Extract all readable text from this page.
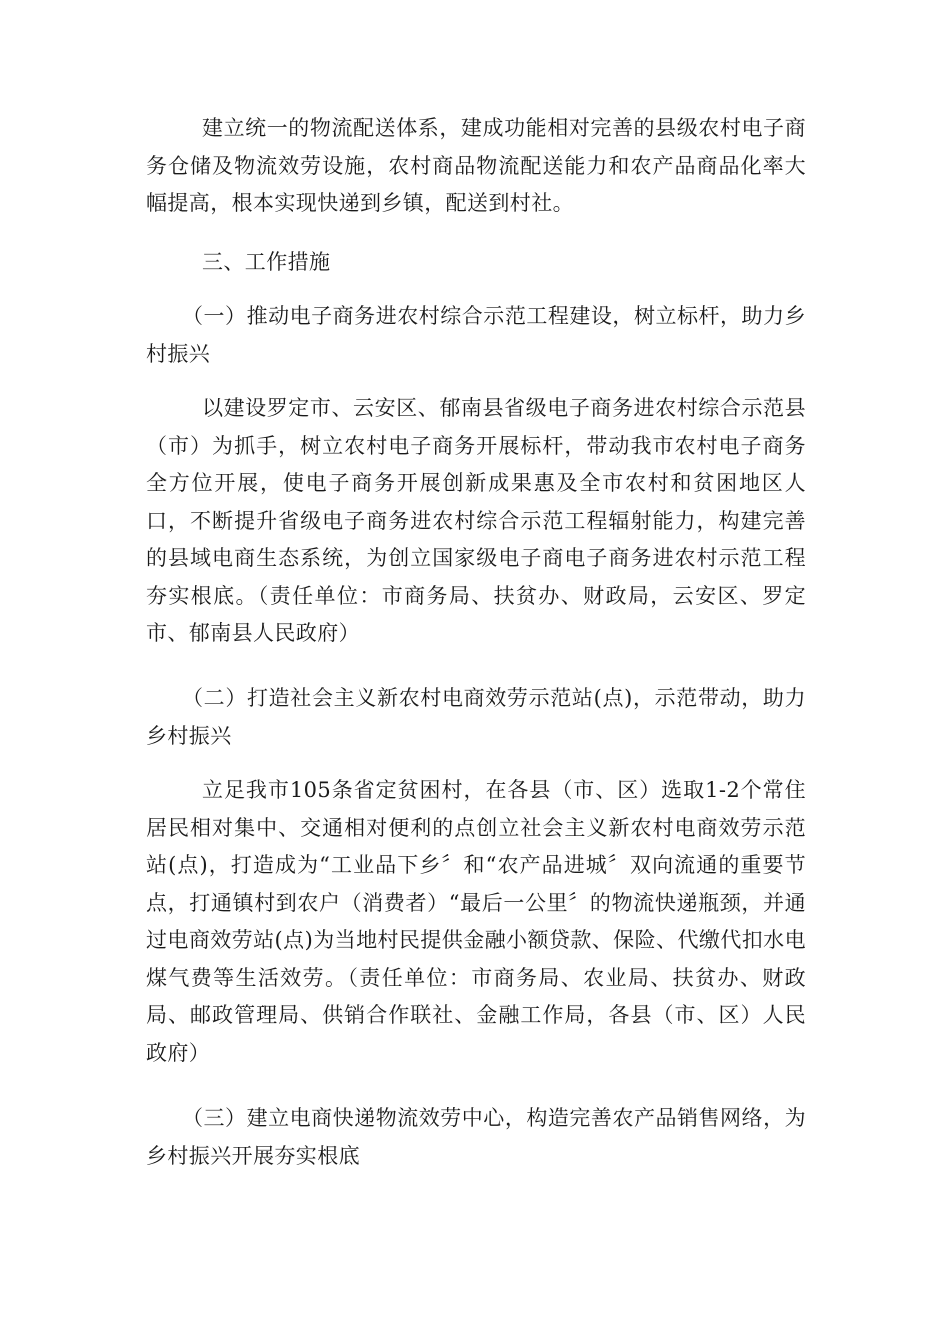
建立统一的物流配送体系，建成功能相对完善的县级农村电子商务仓储及物流效劳设施，农村商品物流配送能力和农产品商品化率大幅提高，根本实现快递到乡镇，配送到村社。

三、工作措施

（一）推动电子商务进农村综合示范工程建设，树立标杆，助力乡村振兴

以建设罗定市、云安区、郁南县省级电子商务进农村综合示范县（市）为抓手，树立农村电子商务开展标杆，带动我市农村电子商务全方位开展，使电子商务开展创新成果惠及全市农村和贫困地区人口，不断提升省级电子商务进农村综合示范工程辐射能力，构建完善的县域电商生态系统，为创立国家级电子商电子商务进农村示范工程夯实根底。（责任单位：市商务局、扶贫办、财政局，云安区、罗定市、郁南县人民政府）

（二）打造社会主义新农村电商效劳示范站(点)，示范带动，助力乡村振兴

立足我市105条省定贫困村，在各县（市、区）选取1-2个常住居民相对集中、交通相对便利的点创立社会主义新农村电商效劳示范站(点)，打造成为“工业品下乡〞和“农产品进城〞双向流通的重要节点，打通镇村到农户（消费者）“最后一公里〞的物流快递瓶颈，并通过电商效劳站(点)为当地村民提供金融小额贷款、保险、代缴代扣水电煤气费等生活效劳。（责任单位：市商务局、农业局、扶贫办、财政局、邮政管理局、供销合作联社、金融工作局，各县（市、区）人民政府）

（三）建立电商快递物流效劳中心，构造完善农产品销售网络，为乡村振兴开展夯实根底
